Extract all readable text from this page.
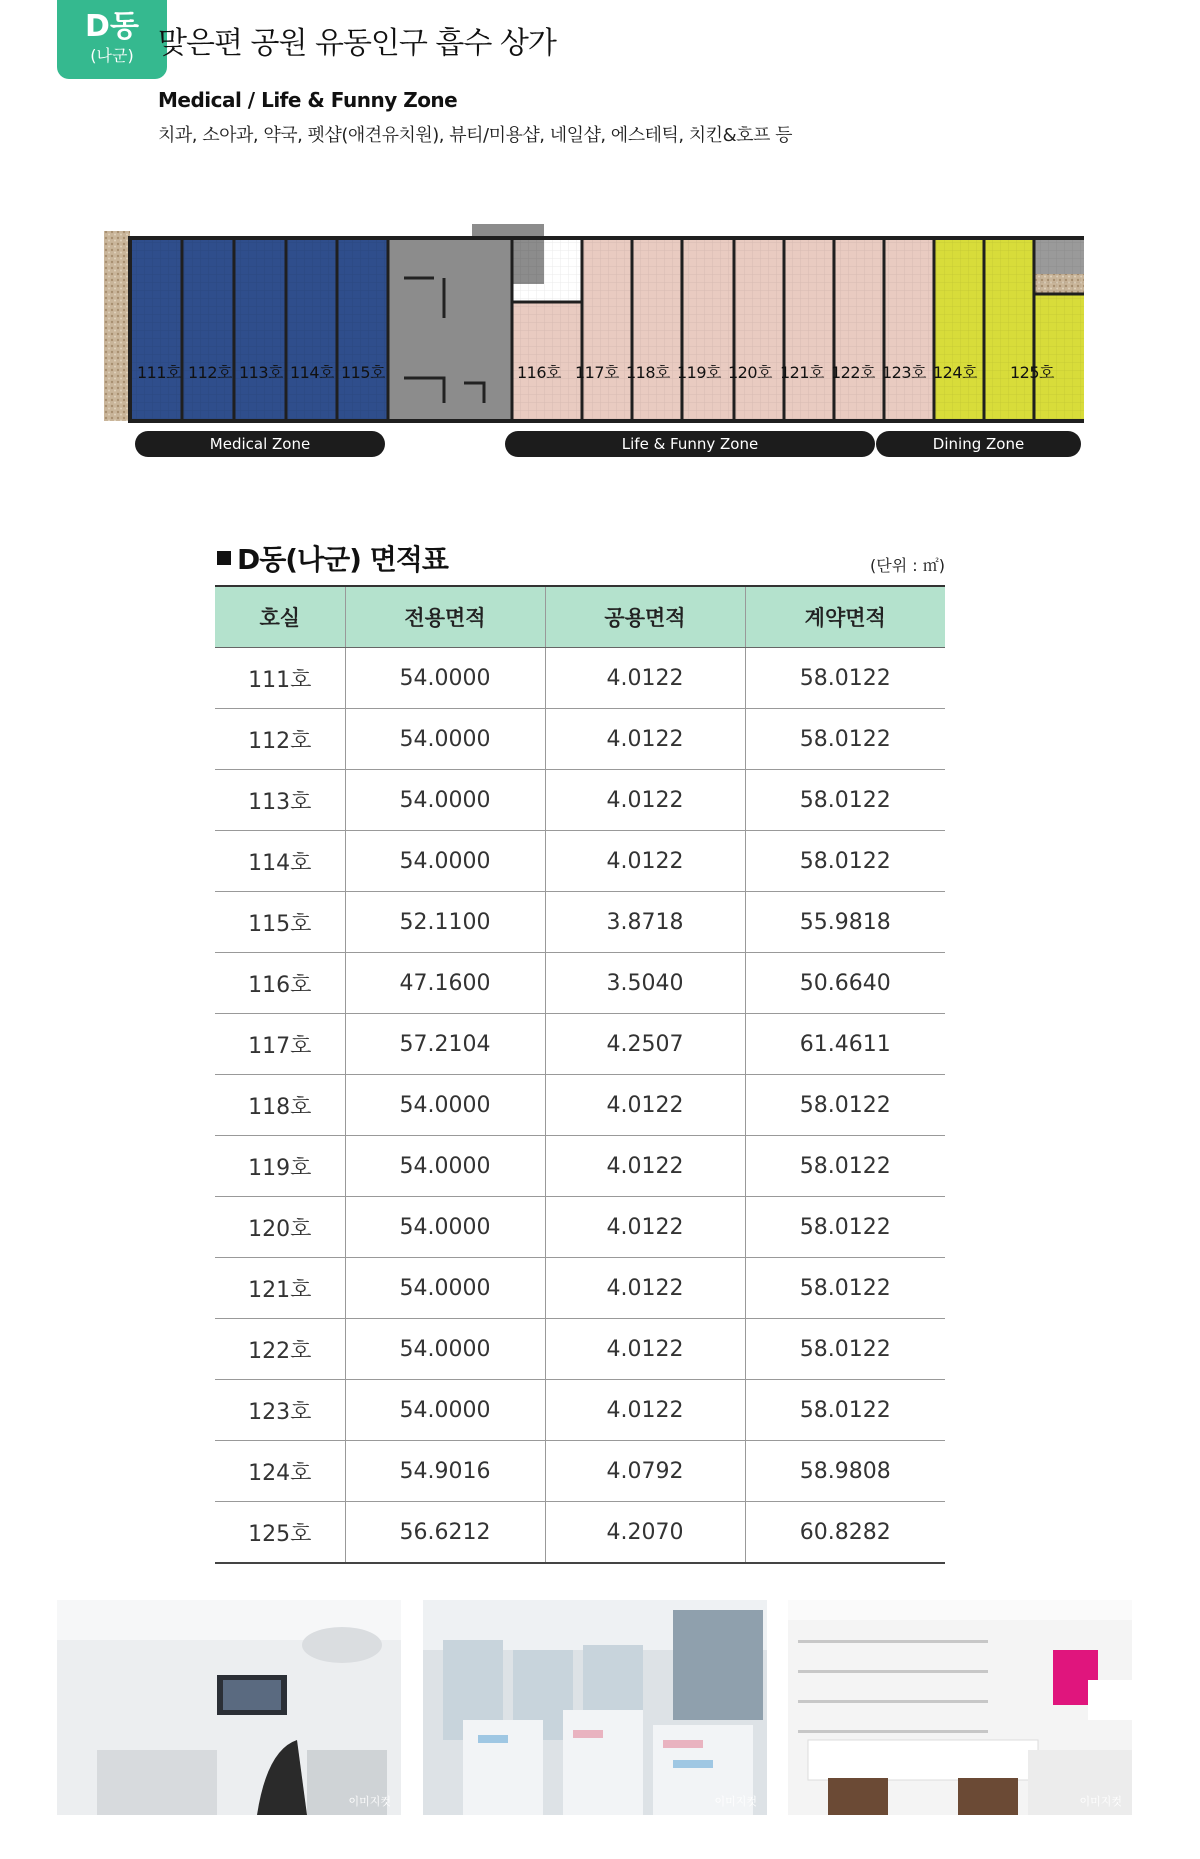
D동
(나군) 맞은편 공원 유동인구 흡수 상가
Medical / Life & Funny Zone
치과, 소아과, 약국, 펫샵(애견유치원), 뷰티/미용샵, 네일샵, 에스테틱, 치킨&호프 등
111호 112호 113호 114호 115호	116호 117호 118호 119호 120호 121호 122호 123호 124호 125호
Medical Zone	Life & Funny Zone	Dining Zone
D동(나군) 면적표	(단위 : ㎡)
호실	전용면적	공용면적	계약면적
111호	54.0000	4.0122	58.0122
112호	54.0000	4.0122	58.0122
113호	54.0000	4.0122	58.0122
114호	54.0000	4.0122	58.0122
115호	52.1100	3.8718	55.9818
116호	47.1600	3.5040	50.6640
117호	57.2104	4.2507	61.4611
118호	54.0000	4.0122	58.0122
119호	54.0000	4.0122	58.0122
120호	54.0000	4.0122	58.0122
121호	54.0000	4.0122	58.0122
122호	54.0000	4.0122	58.0122
123호	54.0000	4.0122	58.0122
124호	54.9016	4.0792	58.9808
125호	56.6212	4.2070	60.8282
이미지컷	이미지컷	이미지컷
